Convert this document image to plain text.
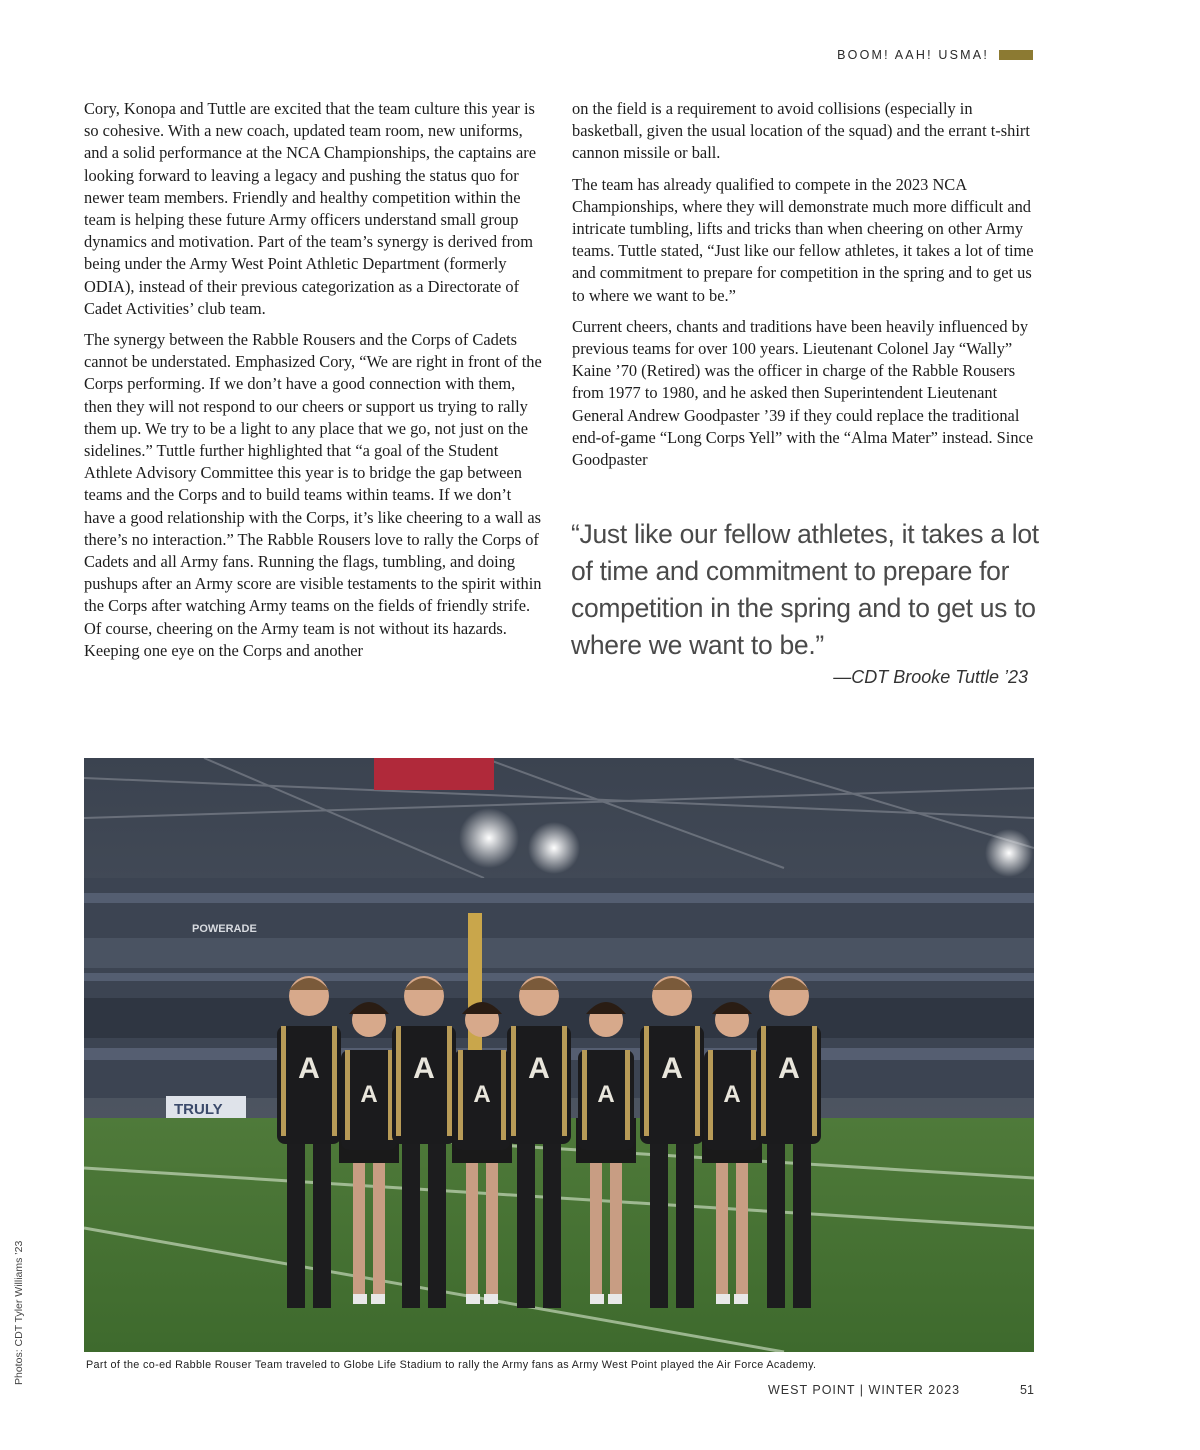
BOOM! AAH! USMA!

Cory, Konopa and Tuttle are excited that the team culture this year is so cohesive. With a new coach, updated team room, new uniforms, and a solid performance at the NCA Championships, the captains are looking forward to leaving a legacy and pushing the status quo for newer team members. Friendly and healthy competition within the team is helping these future Army officers understand small group dynamics and motivation. Part of the team’s synergy is derived from being under the Army West Point Athletic Department (formerly ODIA), instead of their previous categorization as a Directorate of Cadet Activities’ club team.

The synergy between the Rabble Rousers and the Corps of Cadets cannot be understated. Emphasized Cory, “We are right in front of the Corps performing. If we don’t have a good connection with them, then they will not respond to our cheers or support us trying to rally them up. We try to be a light to any place that we go, not just on the sidelines.” Tuttle further highlighted that “a goal of the Student Athlete Advisory Committee this year is to bridge the gap between teams and the Corps and to build teams within teams. If we don’t have a good relationship with the Corps, it’s like cheering to a wall as there’s no interaction.” The Rabble Rousers love to rally the Corps of Cadets and all Army fans. Running the flags, tumbling, and doing pushups after an Army score are visible testaments to the spirit within the Corps after watching Army teams on the fields of friendly strife. Of course, cheering on the Army team is not without its hazards. Keeping one eye on the Corps and another

on the field is a requirement to avoid collisions (especially in basketball, given the usual location of the squad) and the errant t-shirt cannon missile or ball.

The team has already qualified to compete in the 2023 NCA Championships, where they will demonstrate much more difficult and intricate tumbling, lifts and tricks than when cheering on other Army teams. Tuttle stated, “Just like our fellow athletes, it takes a lot of time and commitment to prepare for competition in the spring and to get us to where we want to be.”

Current cheers, chants and traditions have been heavily influenced by previous teams for over 100 years. Lieutenant Colonel Jay “Wally” Kaine ’70 (Retired) was the officer in charge of the Rabble Rousers from 1977 to 1980, and he asked then Superintendent Lieutenant General Andrew Goodpaster ’39 if they could replace the traditional end-of-game “Long Corps Yell” with the “Alma Mater” instead. Since Goodpaster

“Just like our fellow athletes, it takes a lot of time and commitment to prepare for competition in the spring and to get us to where we want to be.”
—CDT Brooke Tuttle ’23
POWERADE
TRULY
A
A
A
A
A
A
A
A
A
Part of the co-ed Rabble Rouser Team traveled to Globe Life Stadium to rally the Army fans as Army West Point played the Air Force Academy.
Photos: CDT Tyler Williams ’23
WEST POINT | WINTER 2023	51
